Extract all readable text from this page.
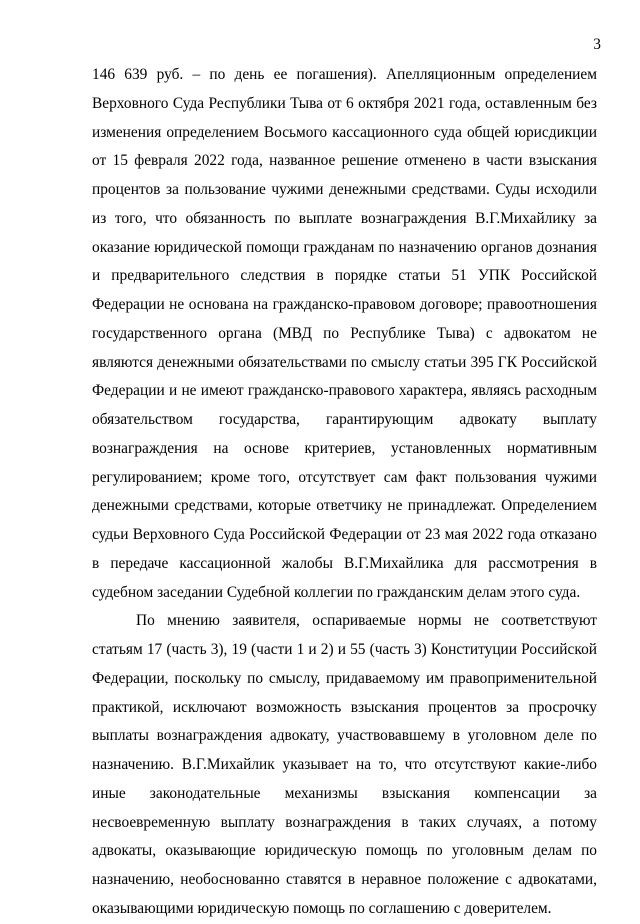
3

146 639 руб. – по день ее погашения). Апелляционным определением Верховного Суда Республики Тыва от 6 октября 2021 года, оставленным без изменения определением Восьмого кассационного суда общей юрисдикции от 15 февраля 2022 года, названное решение отменено в части взыскания процентов за пользование чужими денежными средствами. Суды исходили из того, что обязанность по выплате вознаграждения В.Г.Михайлику за оказание юридической помощи гражданам по назначению органов дознания и предварительного следствия в порядке статьи 51 УПК Российской Федерации не основана на гражданско-правовом договоре; правоотношения государственного органа (МВД по Республике Тыва) с адвокатом не являются денежными обязательствами по смыслу статьи 395 ГК Российской Федерации и не имеют гражданско-правового характера, являясь расходным обязательством государства, гарантирующим адвокату выплату вознаграждения на основе критериев, установленных нормативным регулированием; кроме того, отсутствует сам факт пользования чужими денежными средствами, которые ответчику не принадлежат. Определением судьи Верховного Суда Российской Федерации от 23 мая 2022 года отказано в передаче кассационной жалобы В.Г.Михайлика для рассмотрения в судебном заседании Судебной коллегии по гражданским делам этого суда.

По мнению заявителя, оспариваемые нормы не соответствуют статьям 17 (часть 3), 19 (части 1 и 2) и 55 (часть 3) Конституции Российской Федерации, поскольку по смыслу, придаваемому им правоприменительной практикой, исключают возможность взыскания процентов за просрочку выплаты вознаграждения адвокату, участвовавшему в уголовном деле по назначению. В.Г.Михайлик указывает на то, что отсутствуют какие-либо иные законодательные механизмы взыскания компенсации за несвоевременную выплату вознаграждения в таких случаях, а потому адвокаты, оказывающие юридическую помощь по уголовным делам по назначению, необоснованно ставятся в неравное положение с адвокатами, оказывающими юридическую помощь по соглашению с доверителем.
